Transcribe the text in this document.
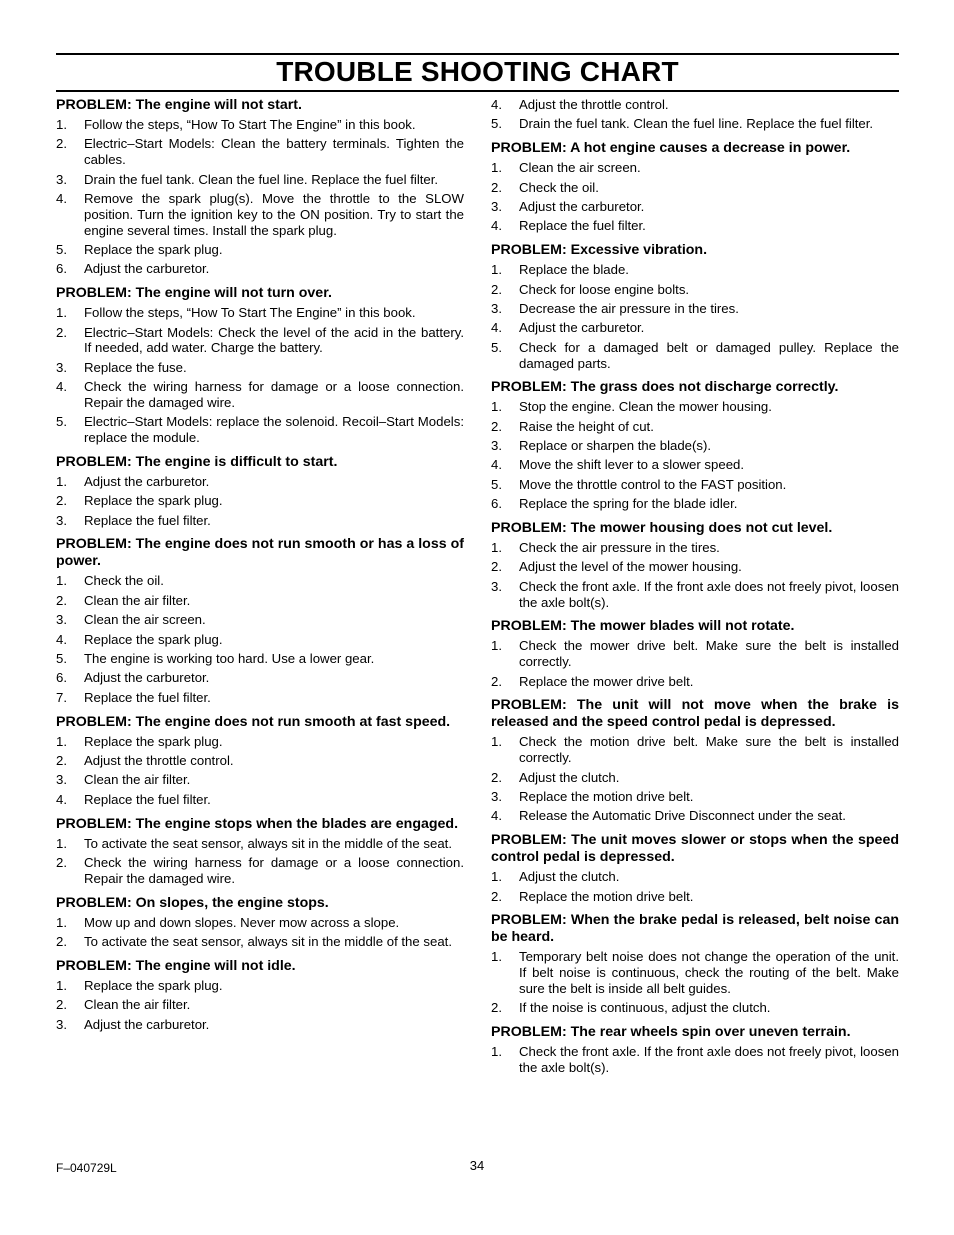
TROUBLE SHOOTING CHART
PROBLEM: The engine will not start.
1.	Follow the steps, “How To Start The Engine” in this book.
2.	Electric–Start Models: Clean the battery terminals. Tighten the cables.
3.	Drain the fuel tank. Clean the fuel line. Replace the fuel filter.
4.	Remove the spark plug(s). Move the throttle to the SLOW position. Turn the ignition key to the ON position. Try to start the engine several times. Install the spark plug.
5.	Replace the spark plug.
6.	Adjust the carburetor.
PROBLEM: The engine will not turn over.
1.	Follow the steps, “How To Start The Engine” in this book.
2.	Electric–Start Models: Check the level of the acid in the battery. If needed, add water. Charge the battery.
3.	Replace the fuse.
4.	Check the wiring harness for damage or a loose connection. Repair the damaged wire.
5.	Electric–Start Models: replace the solenoid. Recoil–Start Models: replace the module.
PROBLEM: The engine is difficult to start.
1.	Adjust the carburetor.
2.	Replace the spark plug.
3.	Replace the fuel filter.
PROBLEM: The engine does not run smooth or has a loss of power.
1.	Check the oil.
2.	Clean the air filter.
3.	Clean the air screen.
4.	Replace the spark plug.
5.	The engine is working too hard. Use a lower gear.
6.	Adjust the carburetor.
7.	Replace the fuel filter.
PROBLEM: The engine does not run smooth at fast speed.
1.	Replace the spark plug.
2.	Adjust the throttle control.
3.	Clean the air filter.
4.	Replace the fuel filter.
PROBLEM: The engine stops when the blades are engaged.
1.	To activate the seat sensor, always sit in the middle of the seat.
2.	Check the wiring harness for damage or a loose connection. Repair the damaged wire.
PROBLEM: On slopes, the engine stops.
1.	Mow up and down slopes. Never mow across a slope.
2.	To activate the seat sensor, always sit in the middle of the seat.
PROBLEM: The engine will not idle.
1.	Replace the spark plug.
2.	Clean the air filter.
3.	Adjust the carburetor.
4.	Adjust the throttle control.
5.	Drain the fuel tank. Clean the fuel line. Replace the fuel filter.
PROBLEM: A hot engine causes a decrease in power.
1.	Clean the air screen.
2.	Check the oil.
3.	Adjust the carburetor.
4.	Replace the fuel filter.
PROBLEM: Excessive vibration.
1.	Replace the blade.
2.	Check for loose engine bolts.
3.	Decrease the air pressure in the tires.
4.	Adjust the carburetor.
5.	Check for a damaged belt or damaged pulley. Replace the damaged parts.
PROBLEM: The grass does not discharge correctly.
1.	Stop the engine. Clean the mower housing.
2.	Raise the height of cut.
3.	Replace or sharpen the blade(s).
4.	Move the shift lever to a slower speed.
5.	Move the throttle control to the FAST position.
6.	Replace the spring for the blade idler.
PROBLEM: The mower housing does not cut level.
1.	Check the air pressure in the tires.
2.	Adjust the level of the mower housing.
3.	Check the front axle. If the front axle does not freely pivot, loosen the axle bolt(s).
PROBLEM: The mower blades will not rotate.
1.	Check the mower drive belt. Make sure the belt is installed correctly.
2.	Replace the mower drive belt.
PROBLEM: The unit will not move when the brake is released and the speed control pedal is depressed.
1.	Check the motion drive belt. Make sure the belt is installed correctly.
2.	Adjust the clutch.
3.	Replace the motion drive belt.
4.	Release the Automatic Drive Disconnect under the seat.
PROBLEM: The unit moves slower or stops when the speed control pedal is depressed.
1.	Adjust the clutch.
2.	Replace the motion drive belt.
PROBLEM: When the brake pedal is released, belt noise can be heard.
1.	Temporary belt noise does not change the operation of the unit. If belt noise is continuous, check the routing of the belt. Make sure the belt is inside all belt guides.
2.	If the noise is continuous, adjust the clutch.
PROBLEM: The rear wheels spin over uneven terrain.
1.	Check the front axle. If the front axle does not freely pivot, loosen the axle bolt(s).
F–040729L	34
